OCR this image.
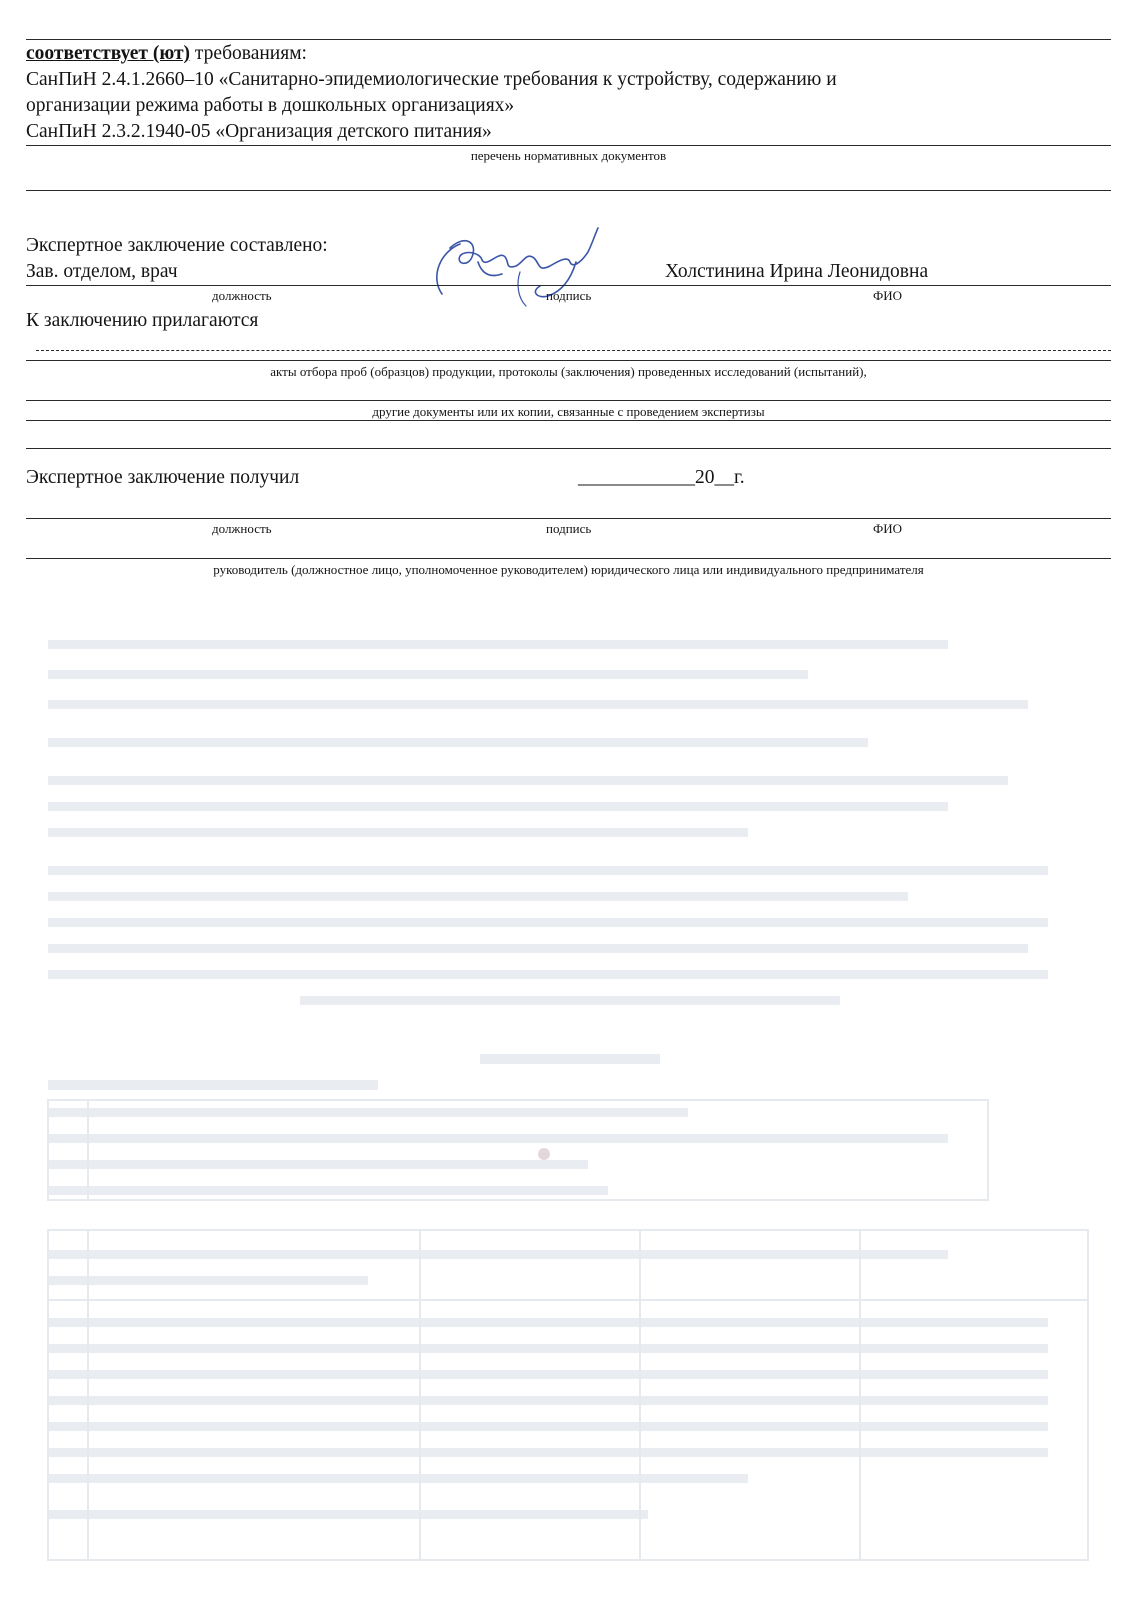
соответствует (ют) требованиям:
СанПиН 2.4.1.2660–10 «Санитарно-эпидемиологические требования к устройству, содержанию и
организации режима работы в дошкольных организациях»
СанПиН 2.3.2.1940-05 «Организация детского питания»
перечень нормативных документов
Экспертное заключение составлено:
Зав. отделом, врач	Холстинина Ирина Леонидовна
должность	подпись	ФИО
К заключению прилагаются
акты отбора проб (образцов) продукции, протоколы (заключения) проведенных исследований (испытаний),
другие документы или их копии, связанные с проведением экспертизы
Экспертное заключение получил	____________20__г.
должность	подпись	ФИО
руководитель (должностное лицо, уполномоченное руководителем) юридического лица или индивидуального предпринимателя
